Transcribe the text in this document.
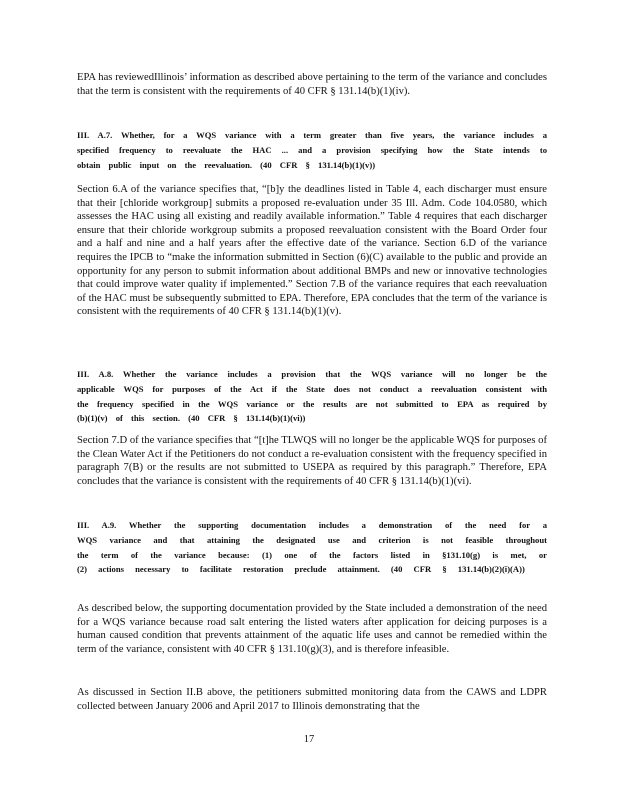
EPA has reviewedIllinois’ information as described above pertaining to the term of the variance and concludes that the term is consistent with the requirements of 40 CFR § 131.14(b)(1)(iv).

III. A.7. Whether, for a WQS variance with a term greater than five years, the variance includes a specified frequency to reevaluate the HAC ... and a provision specifying how the State intends to obtain public input on the reevaluation. (40 CFR § 131.14(b)(1)(v))

Section 6.A of the variance specifies that, “[b]y the deadlines listed in Table 4, each discharger must ensure that their [chloride workgroup] submits a proposed re-evaluation under 35 Ill. Adm. Code 104.0580, which assesses the HAC using all existing and readily available information.” Table 4 requires that each discharger ensure that their chloride workgroup submits a proposed reevaluation consistent with the Board Order four and a half and nine and a half years after the effective date of the variance. Section 6.D of the variance requires the IPCB to “make the information submitted in Section (6)(C) available to the public and provide an opportunity for any person to submit information about additional BMPs and new or innovative technologies that could improve water quality if implemented.” Section 7.B of the variance requires that each reevaluation of the HAC must be subsequently submitted to EPA. Therefore, EPA concludes that the term of the variance is consistent with the requirements of 40 CFR § 131.14(b)(1)(v).

III. A.8. Whether the variance includes a provision that the WQS variance will no longer be the applicable WQS for purposes of the Act if the State does not conduct a reevaluation consistent with the frequency specified in the WQS variance or the results are not submitted to EPA as required by (b)(1)(v) of this section. (40 CFR § 131.14(b)(1)(vi))

Section 7.D of the variance specifies that “[t]he TLWQS will no longer be the applicable WQS for purposes of the Clean Water Act if the Petitioners do not conduct a re-evaluation consistent with the frequency specified in paragraph 7(B) or the results are not submitted to USEPA as required by this paragraph.” Therefore, EPA concludes that the variance is consistent with the requirements of 40 CFR § 131.14(b)(1)(vi).

III. A.9. Whether the supporting documentation includes a demonstration of the need for a WQS variance and that attaining the designated use and criterion is not feasible throughout the term of the variance because: (1) one of the factors listed in §131.10(g) is met, or (2) actions necessary to facilitate restoration preclude attainment. (40 CFR § 131.14(b)(2)(i)(A))

As described below, the supporting documentation provided by the State included a demonstration of the need for a WQS variance because road salt entering the listed waters after application for deicing purposes is a human caused condition that prevents attainment of the aquatic life uses and cannot be remedied within the term of the variance, consistent with 40 CFR § 131.10(g)(3), and is therefore infeasible.

As discussed in Section II.B above, the petitioners submitted monitoring data from the CAWS and LDPR collected between January 2006 and April 2017 to Illinois demonstrating that the

17
